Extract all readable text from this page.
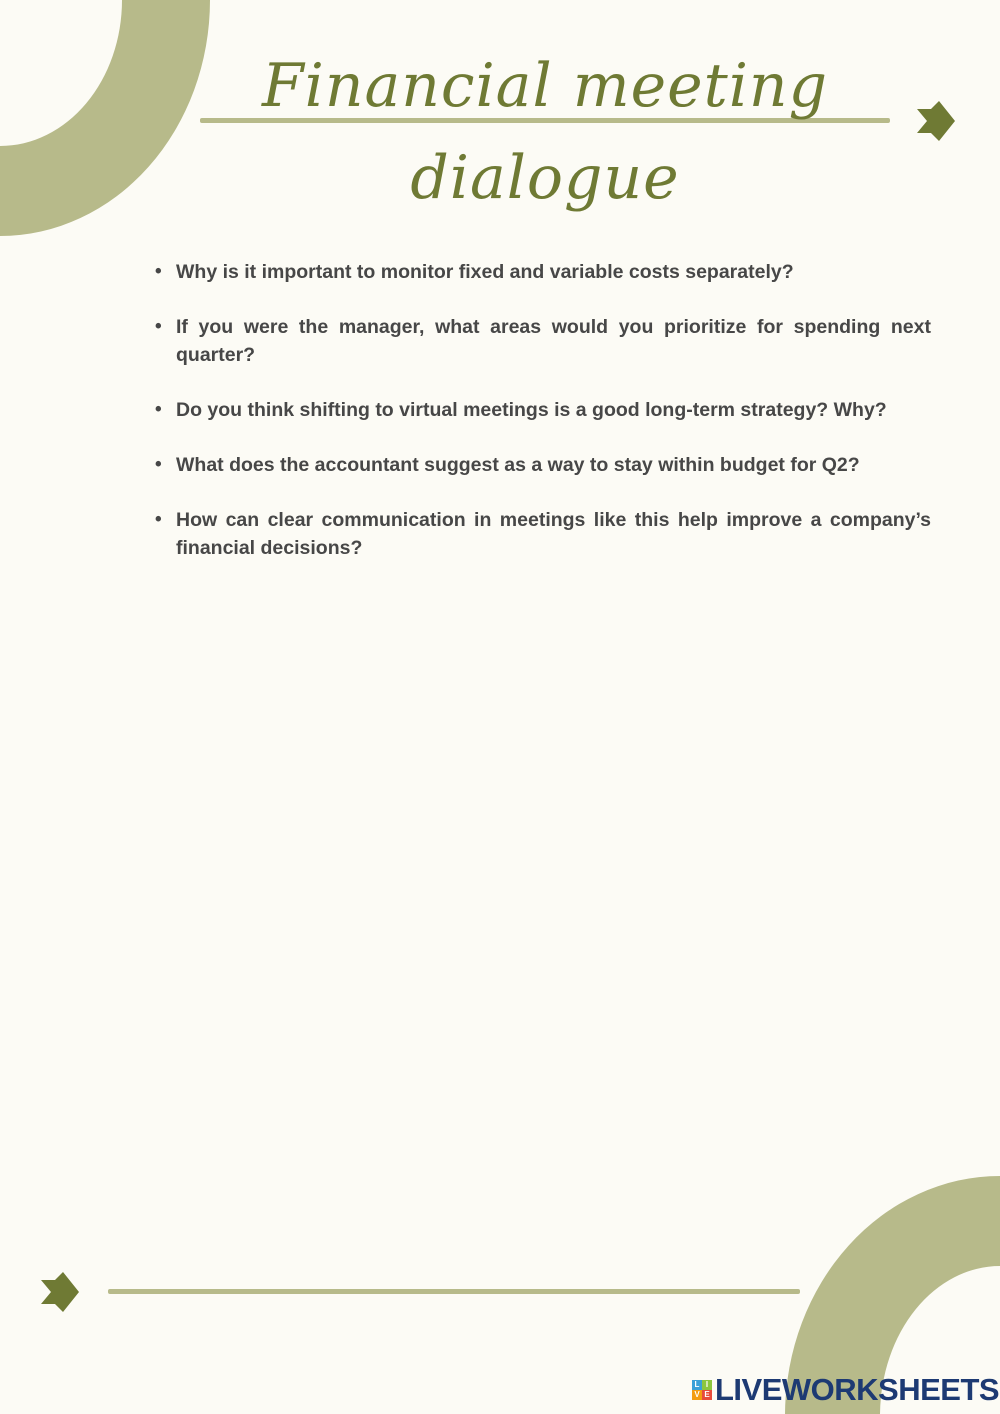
Financial meeting
dialogue
• Why is it important to monitor fixed and variable costs separately?
• If you were the manager, what areas would you prioritize for spending next quarter?
• Do you think shifting to virtual meetings is a good long-term strategy? Why?
• What does the accountant suggest as a way to stay within budget for Q2?
• How can clear communication in meetings like this help improve a company’s financial decisions?
L I
V E LIVEWORKSHEETS
